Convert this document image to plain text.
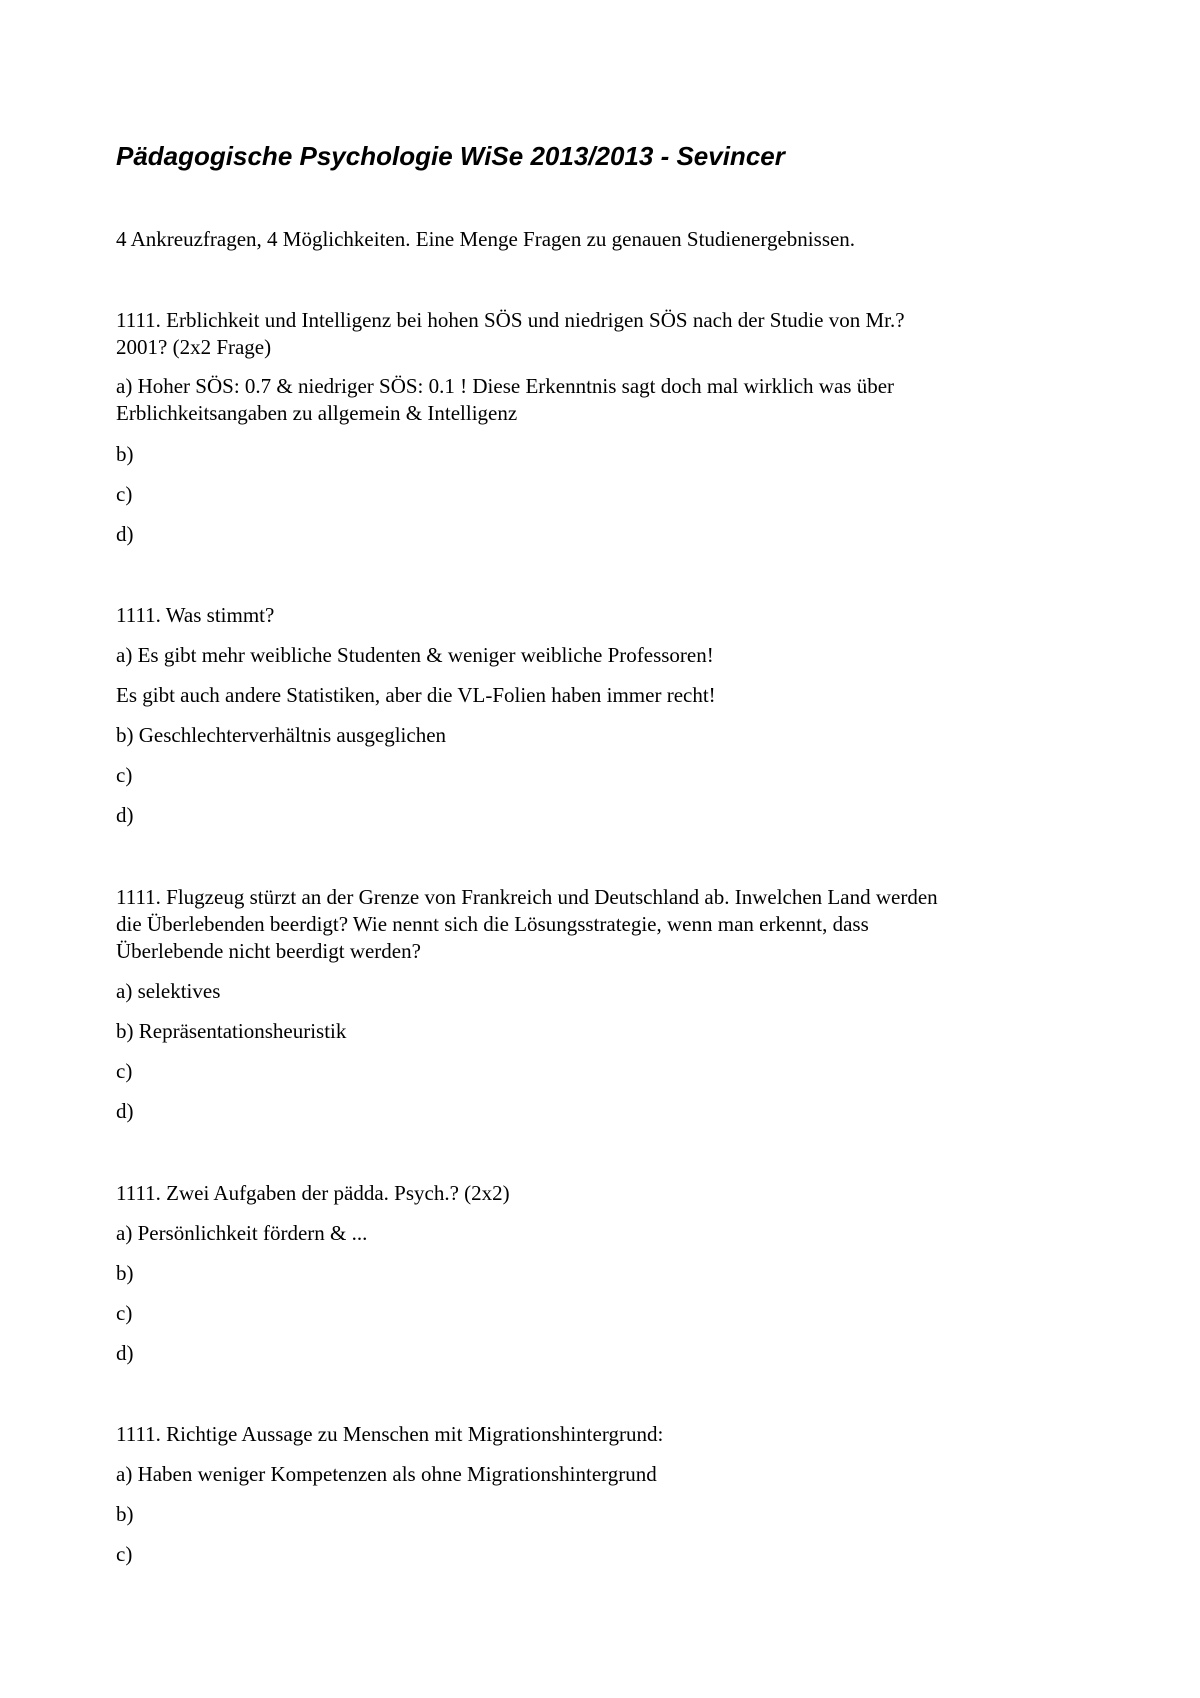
Pädagogische Psychologie WiSe 2013/2013 - Sevincer

4 Ankreuzfragen, 4 Möglichkeiten. Eine Menge Fragen zu genauen Studienergebnissen.

1111. Erblichkeit und Intelligenz bei hohen SÖS und niedrigen SÖS nach der Studie von Mr.?

2001? (2x2 Frage)

a) Hoher SÖS: 0.7 & niedriger SÖS: 0.1 ! Diese Erkenntnis sagt doch mal wirklich was über

Erblichkeitsangaben zu allgemein & Intelligenz

b)

c)

d)

1111. Was stimmt?

a) Es gibt mehr weibliche Studenten & weniger weibliche Professoren!

Es gibt auch andere Statistiken, aber die VL-Folien haben immer recht!

b) Geschlechterverhältnis ausgeglichen

c)

d)

1111. Flugzeug stürzt an der Grenze von Frankreich und Deutschland ab. Inwelchen Land werden

die Überlebenden beerdigt? Wie nennt sich die Lösungsstrategie, wenn man erkennt, dass

Überlebende nicht beerdigt werden?

a) selektives

b) Repräsentationsheuristik

c)

d)

1111. Zwei Aufgaben der pädda. Psych.? (2x2)

a) Persönlichkeit fördern & ...

b)

c)

d)

1111. Richtige Aussage zu Menschen mit Migrationshintergrund:

a) Haben weniger Kompetenzen als ohne Migrationshintergrund

b)

c)
